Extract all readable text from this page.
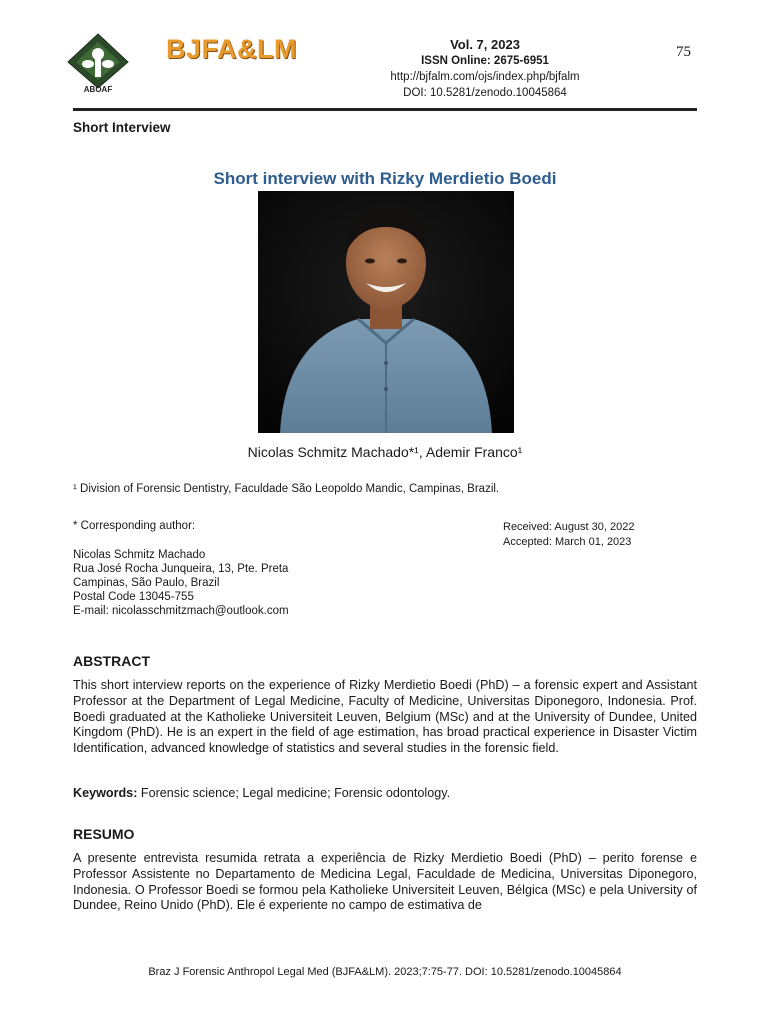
ABOAF
BJFA&LM	Vol. 7, 2023
ISSN Online: 2675-6951
http://bjfalm.com/ojs/index.php/bjfalm
DOI: 10.5281/zenodo.10045864
75
Short Interview
Short interview with Rizky Merdietio Boedi
Nicolas Schmitz Machado*¹, Ademir Franco¹
¹ Division of Forensic Dentistry, Faculdade São Leopoldo Mandic, Campinas, Brazil.
* Corresponding author:	Received: August 30, 2022
Accepted: March 01, 2023
Nicolas Schmitz Machado
Rua José Rocha Junqueira, 13, Pte. Preta
Campinas, São Paulo, Brazil
Postal Code 13045-755
E-mail: nicolasschmitzmach@outlook.com
ABSTRACT
This short interview reports on the experience of Rizky Merdietio Boedi (PhD) – a forensic expert and Assistant Professor at the Department of Legal Medicine, Faculty of Medicine, Universitas Diponegoro, Indonesia. Prof. Boedi graduated at the Katholieke Universiteit Leuven, Belgium (MSc) and at the University of Dundee, United Kingdom (PhD). He is an expert in the field of age estimation, has broad practical experience in Disaster Victim Identification, advanced knowledge of statistics and several studies in the forensic field.
Keywords: Forensic science; Legal medicine; Forensic odontology.
RESUMO
A presente entrevista resumida retrata a experiência de Rizky Merdietio Boedi (PhD) – perito forense e Professor Assistente no Departamento de Medicina Legal, Faculdade de Medicina, Universitas Diponegoro, Indonesia. O Professor Boedi se formou pela Katholieke Universiteit Leuven, Bélgica (MSc) e pela University of Dundee, Reino Unido (PhD). Ele é experiente no campo de estimativa de
Braz J Forensic Anthropol Legal Med (BJFA&LM). 2023;7:75-77. DOI: 10.5281/zenodo.10045864
